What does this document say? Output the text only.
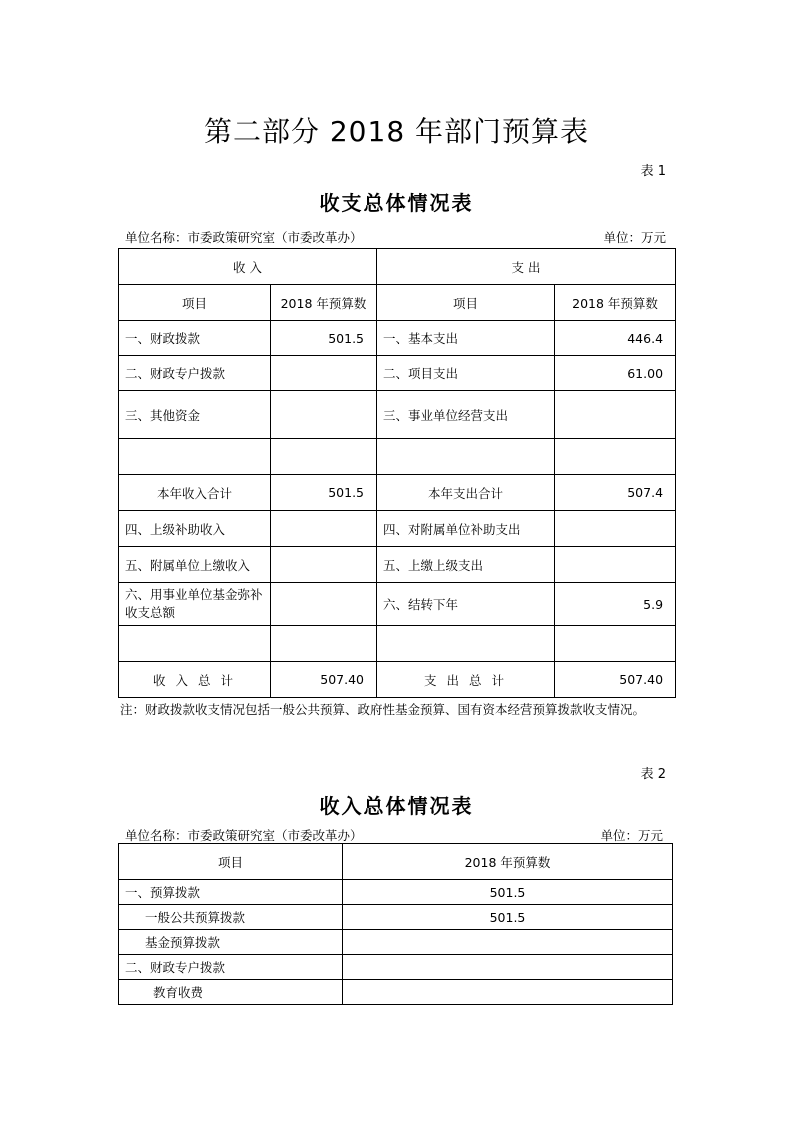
第二部分 2018 年部门预算表
表 1
收支总体情况表
单位名称：市委政策研究室（市委改革办）	单位：万元
收 入		支 出	
项目	2018 年预算数	项目	2018 年预算数
一、财政拨款	501.5	一、基本支出	446.4
二、财政专户拨款		二、项目支出	61.00
三、其他资金		三、事业单位经营支出	

本年收入合计	501.5	本年支出合计	507.4
四、上级补助收入		四、对附属单位补助支出	
五、附属单位上缴收入		五、上缴上级支出	
六、用事业单位基金弥补收支总额		六、结转下年	5.9

收 入 总 计	507.40	支 出 总 计	507.40
注：财政拨款收支情况包括一般公共预算、政府性基金预算、国有资本经营预算拨款收支情况。
表 2
收入总体情况表
单位名称：市委政策研究室（市委改革办）	单位：万元
项目	2018 年预算数
一、预算拨款	501.5
一般公共预算拨款	501.5
基金预算拨款	
二、财政专户拨款	
教育收费	
